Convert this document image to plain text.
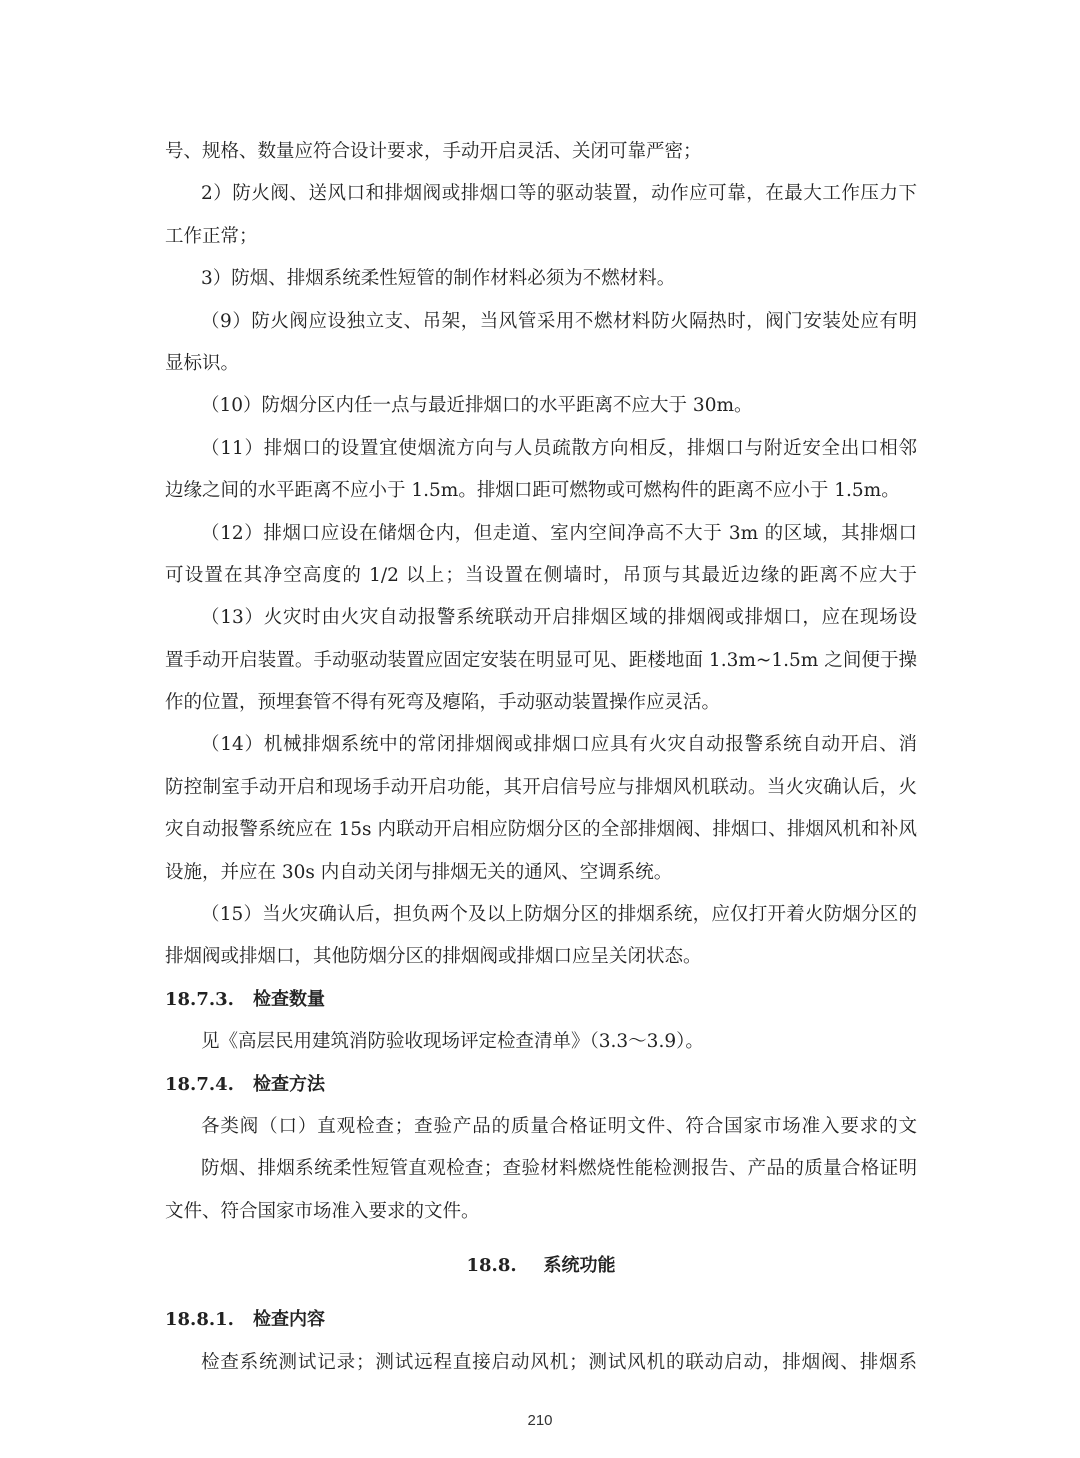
号、规格、数量应符合设计要求，手动开启灵活、关闭可靠严密；
2）防火阀、送风口和排烟阀或排烟口等的驱动装置，动作应可靠，在最大工作压力下
工作正常；
3）防烟、排烟系统柔性短管的制作材料必须为不燃材料。
（9）防火阀应设独立支、吊架，当风管采用不燃材料防火隔热时，阀门安装处应有明
显标识。
（10）防烟分区内任一点与最近排烟口的水平距离不应大于 30m。
（11）排烟口的设置宜使烟流方向与人员疏散方向相反，排烟口与附近安全出口相邻
边缘之间的水平距离不应小于 1.5m。排烟口距可燃物或可燃构件的距离不应小于 1.5m。
（12）排烟口应设在储烟仓内，但走道、室内空间净高不大于 3m 的区域，其排烟口
可设置在其净空高度的 1/2 以上；当设置在侧墙时，吊顶与其最近边缘的距离不应大于
（13）火灾时由火灾自动报警系统联动开启排烟区域的排烟阀或排烟口，应在现场设
置手动开启装置。手动驱动装置应固定安装在明显可见、距楼地面 1.3m~1.5m 之间便于操
作的位置，预埋套管不得有死弯及瘪陷，手动驱动装置操作应灵活。
（14）机械排烟系统中的常闭排烟阀或排烟口应具有火灾自动报警系统自动开启、消
防控制室手动开启和现场手动开启功能，其开启信号应与排烟风机联动。当火灾确认后，火
灾自动报警系统应在 15s 内联动开启相应防烟分区的全部排烟阀、排烟口、排烟风机和补风
设施，并应在 30s 内自动关闭与排烟无关的通风、空调系统。
（15）当火灾确认后，担负两个及以上防烟分区的排烟系统，应仅打开着火防烟分区的
排烟阀或排烟口，其他防烟分区的排烟阀或排烟口应呈关闭状态。
18.7.3. 检查数量
见《高层民用建筑消防验收现场评定检查清单》（3.3～3.9）。
18.7.4. 检查方法
各类阀（口）直观检查；查验产品的质量合格证明文件、符合国家市场准入要求的文
防烟、排烟系统柔性短管直观检查；查验材料燃烧性能检测报告、产品的质量合格证明
文件、符合国家市场准入要求的文件。
18.8. 系统功能
18.8.1. 检查内容
检查系统测试记录；测试远程直接启动风机；测试风机的联动启动，排烟阀、排烟系
210
